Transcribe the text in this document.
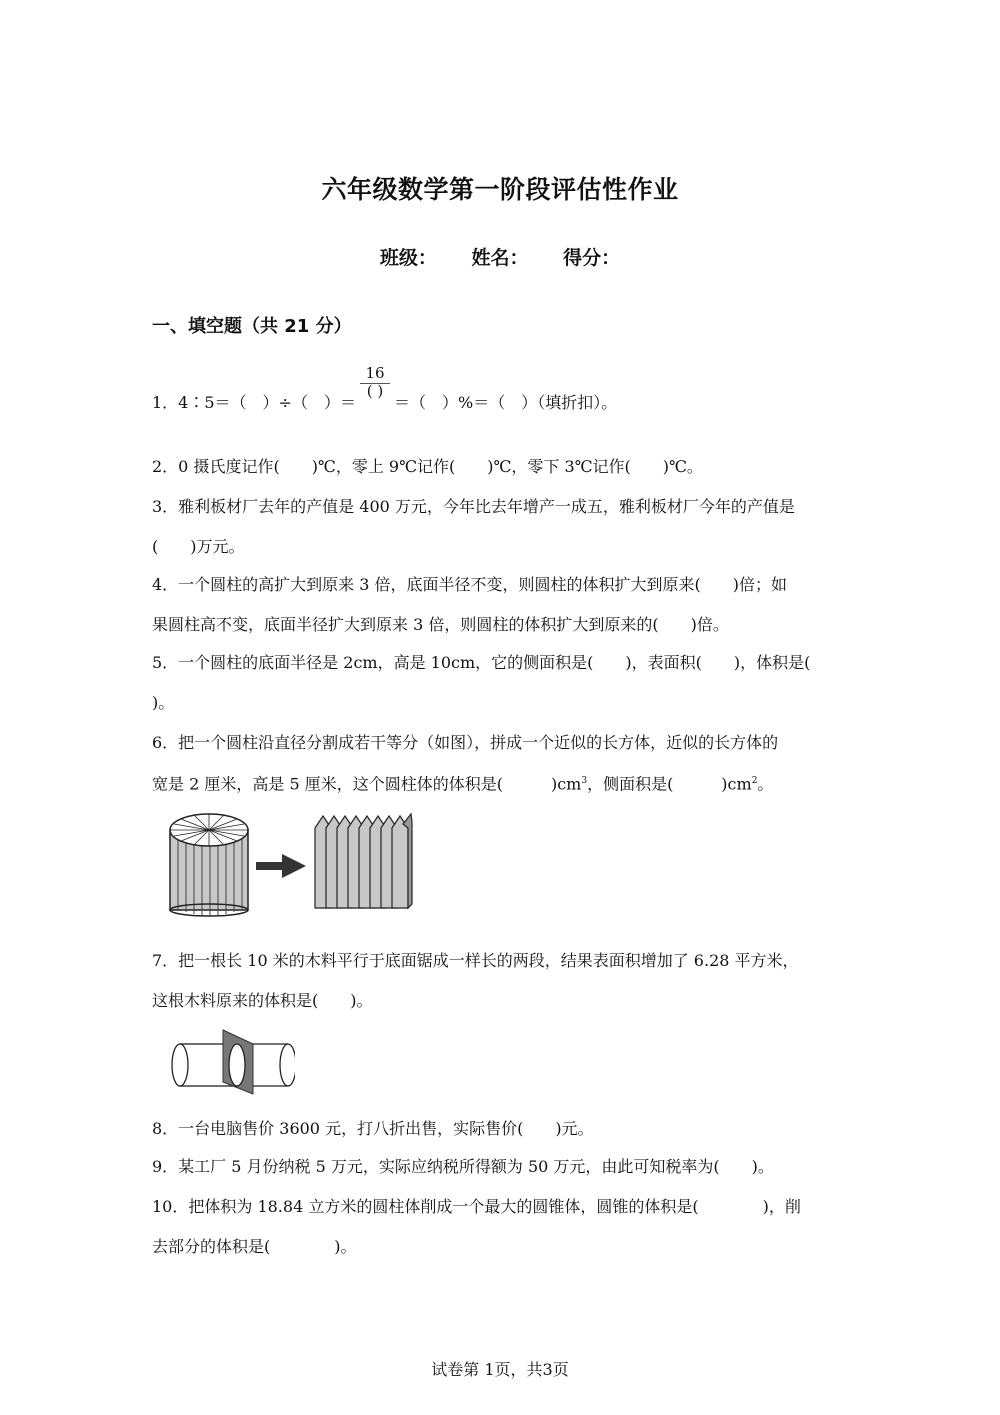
六年级数学第一阶段评估性作业
班级： 姓名： 得分：
一、填空题（共 21 分）
1．4∶5＝（　）÷（　）＝
16
( )
＝（　）%＝（　）（填折扣）。
2．0 摄氏度记作(　　)℃，零上 9℃记作(　　)℃，零下 3℃记作(　　)℃。
3．雅利板材厂去年的产值是 400 万元，今年比去年增产一成五，雅利板材厂今年的产值是
(　　)万元。
4．一个圆柱的高扩大到原来 3 倍，底面半径不变，则圆柱的体积扩大到原来(　　)倍；如
果圆柱高不变，底面半径扩大到原来 3 倍，则圆柱的体积扩大到原来的(　　)倍。
5．一个圆柱的底面半径是 2cm，高是 10cm，它的侧面积是(　　)，表面积(　　)，体积是(
)。
6．把一个圆柱沿直径分割成若干等分（如图），拼成一个近似的长方体，近似的长方体的
宽是 2 厘米，高是 5 厘米，这个圆柱体的体积是(　　　)$cm^3$，侧面积是(　　　)$cm^2$。
7．把一根长 10 米的木料平行于底面锯成一样长的两段，结果表面积增加了 6.28 平方米，
这根木料原来的体积是(　　)。
8．一台电脑售价 3600 元，打八折出售，实际售价(　　)元。
9．某工厂 5 月份纳税 5 万元，实际应纳税所得额为 50 万元，由此可知税率为(　　)。
10．把体积为 18.84 立方米的圆柱体削成一个最大的圆锥体，圆锥的体积是(　　　　)，削
去部分的体积是(　　　　)。
试卷第 1页，共3页
